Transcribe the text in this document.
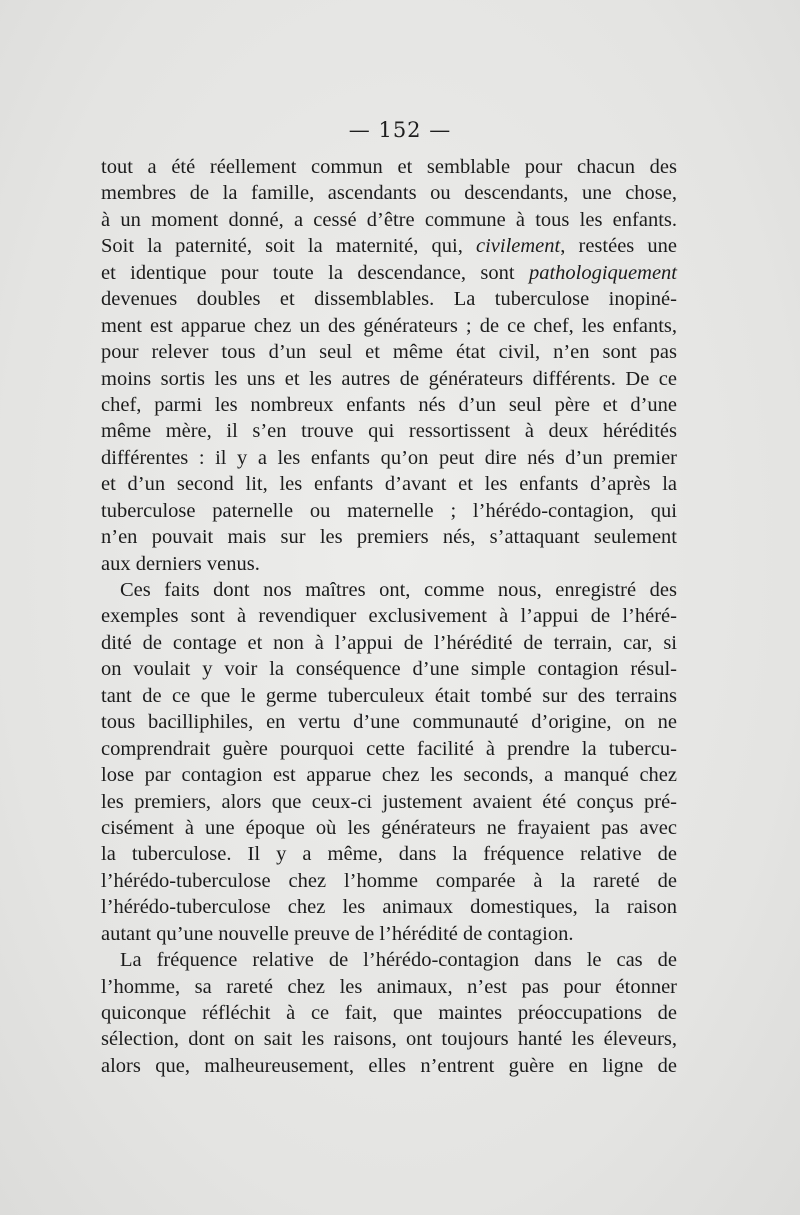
— 152 —
tout a été réellement commun et semblable pour chacun des
membres de la famille, ascendants ou descendants, une chose,
à un moment donné, a cessé d’être commune à tous les enfants.
Soit la paternité, soit la maternité, qui, civilement, restées une
et identique pour toute la descendance, sont pathologiquement
devenues doubles et dissemblables. La tuberculose inopiné-
ment est apparue chez un des générateurs ; de ce chef, les enfants,
pour relever tous d’un seul et même état civil, n’en sont pas
moins sortis les uns et les autres de générateurs différents. De ce
chef, parmi les nombreux enfants nés d’un seul père et d’une
même mère, il s’en trouve qui ressortissent à deux hérédités
différentes : il y a les enfants qu’on peut dire nés d’un premier
et d’un second lit, les enfants d’avant et les enfants d’après la
tuberculose paternelle ou maternelle ; l’hérédo-contagion, qui
n’en pouvait mais sur les premiers nés, s’attaquant seulement
aux derniers venus.
Ces faits dont nos maîtres ont, comme nous, enregistré des
exemples sont à revendiquer exclusivement à l’appui de l’héré-
dité de contage et non à l’appui de l’hérédité de terrain, car, si
on voulait y voir la conséquence d’une simple contagion résul-
tant de ce que le germe tuberculeux était tombé sur des terrains
tous bacilliphiles, en vertu d’une communauté d’origine, on ne
comprendrait guère pourquoi cette facilité à prendre la tubercu-
lose par contagion est apparue chez les seconds, a manqué chez
les premiers, alors que ceux-ci justement avaient été conçus pré-
cisément à une époque où les générateurs ne frayaient pas avec
la tuberculose. Il y a même, dans la fréquence relative de
l’hérédo-tuberculose chez l’homme comparée à la rareté de
l’hérédo-tuberculose chez les animaux domestiques, la raison
autant qu’une nouvelle preuve de l’hérédité de contagion.
La fréquence relative de l’hérédo-contagion dans le cas de
l’homme, sa rareté chez les animaux, n’est pas pour étonner
quiconque réfléchit à ce fait, que maintes préoccupations de
sélection, dont on sait les raisons, ont toujours hanté les éleveurs,
alors que, malheureusement, elles n’entrent guère en ligne de
